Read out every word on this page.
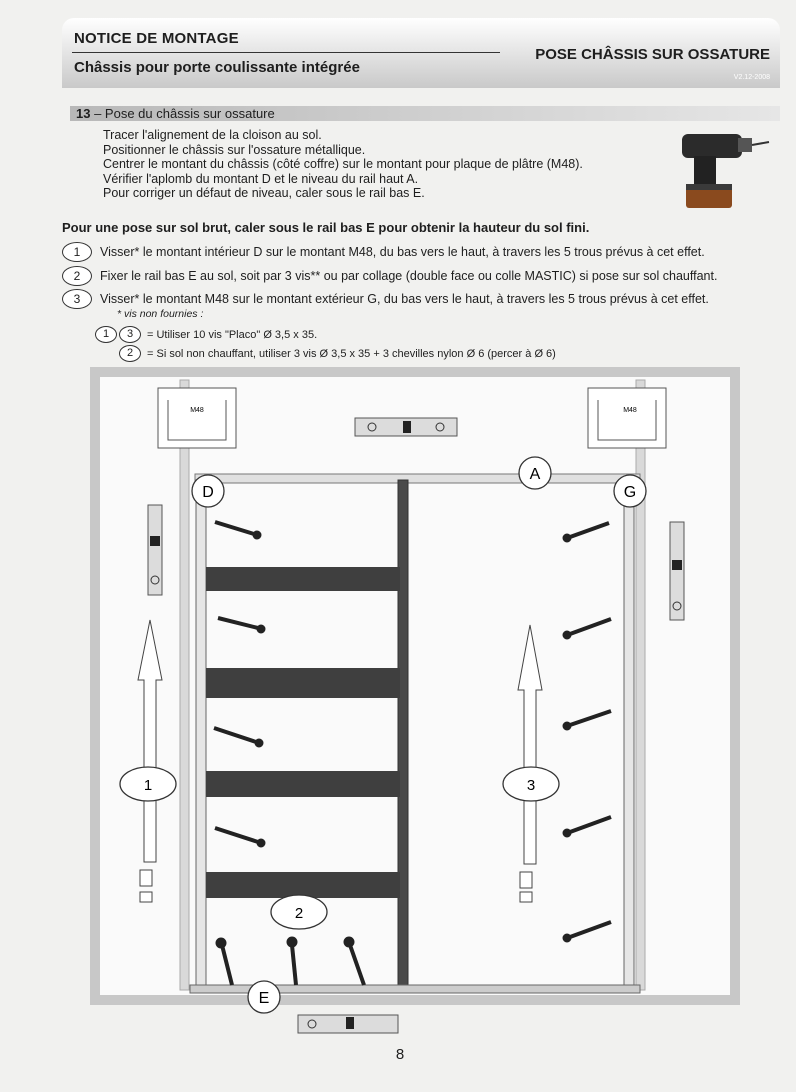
NOTICE DE MONTAGE
Châssis pour porte coulissante intégrée
POSE CHÂSSIS SUR OSSATURE
V2.12-2008
13 – Pose du châssis sur ossature
Tracer l'alignement de la cloison au sol.
Positionner le châssis sur l'ossature métallique.
Centrer le montant du châssis (côté coffre) sur le montant pour plaque de plâtre (M48).
Vérifier l'aplomb du montant D et le niveau du rail haut A.
Pour corriger un défaut de niveau, caler sous le rail bas E.
Pour une pose sur sol brut, caler sous le rail bas E pour obtenir la hauteur du sol fini.
1	Visser* le montant intérieur D sur le montant M48, du bas vers le haut, à travers les 5 trous prévus à cet effet.
2	Fixer le rail bas E au sol, soit par 3 vis** ou par collage (double face ou colle MASTIC) si pose sur sol chauffant.
3	Visser* le montant M48 sur le montant extérieur G, du bas vers le haut, à travers les 5 trous prévus à cet effet.
* vis non fournies :
1	3	= Utiliser 10 vis "Placo" Ø 3,5 x 35.
2	= Si sol non chauffant, utiliser 3 vis Ø 3,5 x 35 + 3 chevilles nylon Ø 6 (percer à Ø 6)
M48	M48
A
D	G
E
1
2
3
8
